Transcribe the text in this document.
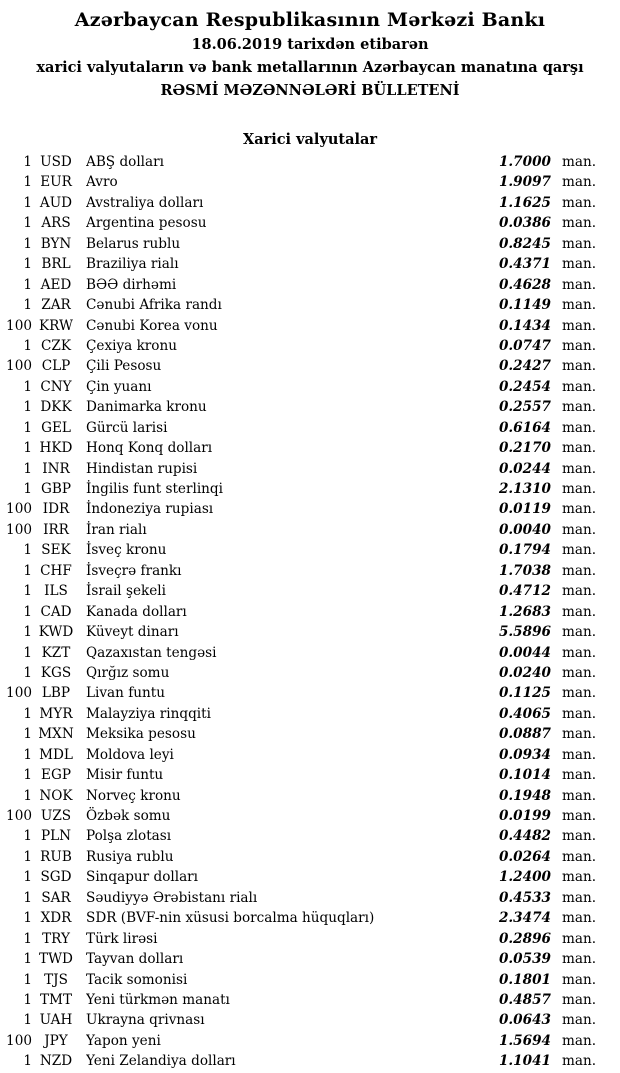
Azərbaycan Respublikasının Mərkəzi Bankı
18.06.2019 tarixdən etibarən
xarici valyutaların və bank metallarının Azərbaycan manatına qarşı
RƏSMİ MƏZƏNNƏLƏRİ BÜLLETENİ
Xarici valyutalar
1 USD	ABŞ dolları	1.7000 man.
1 EUR	Avro	1.9097 man.
1 AUD	Avstraliya dolları	1.1625 man.
1 ARS	Argentina pesosu	0.0386 man.
1 BYN	Belarus rublu	0.8245 man.
1 BRL	Braziliya rialı	0.4371 man.
1 AED	BƏƏ dirhəmi	0.4628 man.
1 ZAR	Cənubi Afrika randı	0.1149 man.
100 KRW Cənubi Korea vonu	0.1434 man.
1 CZK	Çexiya kronu	0.0747 man.
100 CLP	Çili Pesosu	0.2427 man.
1 CNY	Çin yuanı	0.2454 man.
1 DKK	Danimarka kronu	0.2557 man.
1 GEL	Gürcü larisi	0.6164 man.
1 HKD Honq Konq dolları	0.2170 man.
1 INR	Hindistan rupisi	0.0244 man.
1 GBP	İngilis funt sterlinqi	2.1310 man.
100 IDR	İndoneziya rupiası	0.0119 man.
100 IRR	İran rialı	0.0040 man.
1 SEK	İsveç kronu	0.1794 man.
1 CHF	İsveçrə frankı	1.7038 man.
1 ILS	İsrail şekeli	0.4712 man.
1 CAD	Kanada dolları	1.2683 man.
1 KWD Küveyt dinarı	5.5896 man.
1 KZT	Qazaxıstan tengəsi	0.0044 man.
1 KGS	Qırğız somu	0.0240 man.
100 LBP	Livan funtu	0.1125 man.
1 MYR Malayziya rinqqiti	0.4065 man.
1 MXN Meksika pesosu	0.0887 man.
1 MDL Moldova leyi	0.0934 man.
1 EGP	Misir funtu	0.1014 man.
1 NOK Norveç kronu	0.1948 man.
100 UZS	Özbək somu	0.0199 man.
1 PLN	Polşa zlotası	0.4482 man.
1 RUB	Rusiya rublu	0.0264 man.
1 SGD	Sinqapur dolları	1.2400 man.
1 SAR	Səudiyyə Ərəbistanı rialı	0.4533 man.
1 XDR	SDR (BVF-nin xüsusi borcalma hüquqları)	2.3474 man.
1 TRY	Türk lirəsi	0.2896 man.
1 TWD Tayvan dolları	0.0539 man.
1 TJS	Tacik somonisi	0.1801 man.
1 TMT	Yeni türkmən manatı	0.4857 man.
1 UAH	Ukrayna qrivnası	0.0643 man.
100 JPY	Yapon yeni	1.5694 man.
1 NZD	Yeni Zelandiya dolları	1.1041 man.
